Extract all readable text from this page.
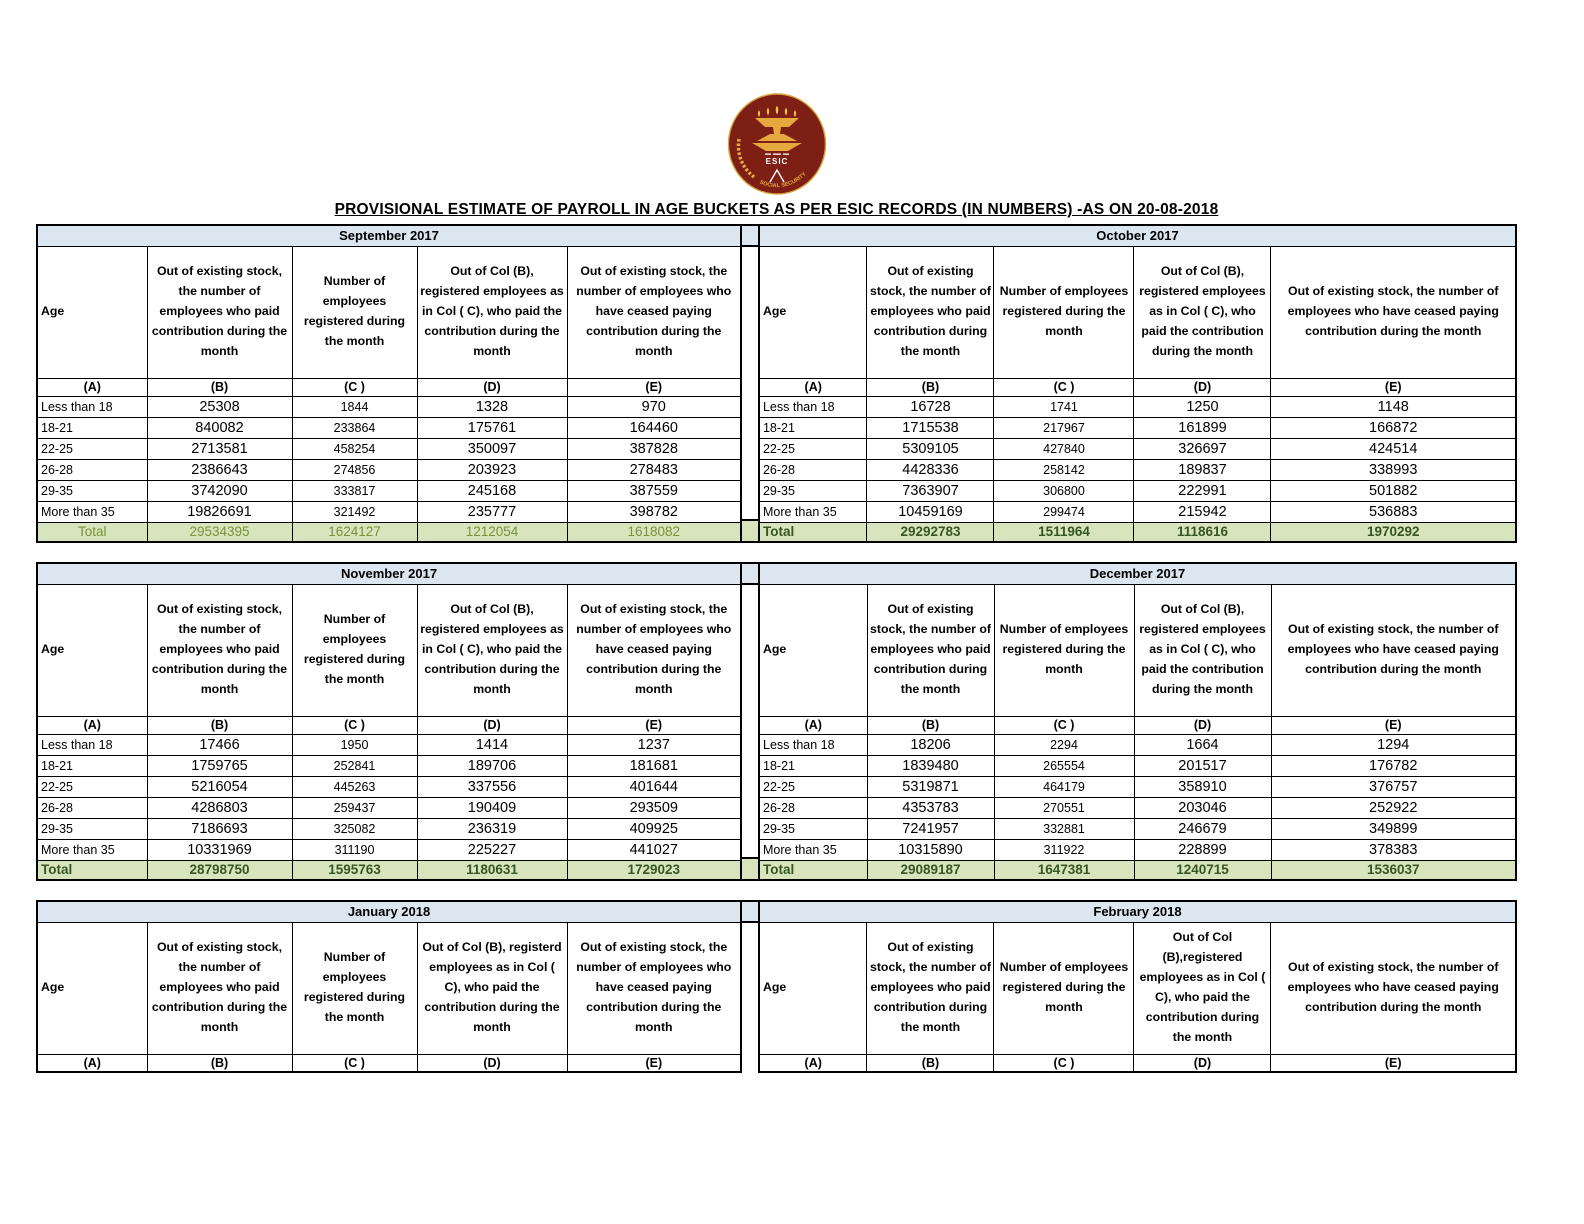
ESIC
SOCIAL SECURITY
PROVISIONAL ESTIMATE OF PAYROLL IN AGE BUCKETS AS PER ESIC RECORDS (IN NUMBERS) -AS ON 20-08-2018
September 2017				
Age	Out of existing stock, the number of employees who paid contribution during the month	Number of employees registered during the month	Out of Col (B), registered employees as in Col ( C), who paid the contribution during the month	Out of existing stock, the number of employees who have ceased paying contribution during the month
(A)	(B)	(C )	(D)	(E)
Less than 18	25308	1844	1328	970
18-21	840082	233864	175761	164460
22-25	2713581	458254	350097	387828
26-28	2386643	274856	203923	278483
29-35	3742090	333817	245168	387559
More than 35	19826691	321492	235777	398782
Total	29534395	1624127	1212054	1618082
October 2017				
Age	Out of existing stock, the number of employees who paid contribution during the month	Number of employees registered during the month	Out of Col (B), registered employees as in Col ( C), who paid the contribution during the month	Out of existing stock, the number of employees who have ceased paying contribution during the month
(A)	(B)	(C )	(D)	(E)
Less than 18	16728	1741	1250	1148
18-21	1715538	217967	161899	166872
22-25	5309105	427840	326697	424514
26-28	4428336	258142	189837	338993
29-35	7363907	306800	222991	501882
More than 35	10459169	299474	215942	536883
Total	29292783	1511964	1118616	1970292
November 2017				
Age	Out of existing stock, the number of employees who paid contribution during the month	Number of employees registered during the month	Out of Col (B), registered employees as in Col ( C), who paid the contribution during the month	Out of existing stock, the number of employees who have ceased paying contribution during the month
(A)	(B)	(C )	(D)	(E)
Less than 18	17466	1950	1414	1237
18-21	1759765	252841	189706	181681
22-25	5216054	445263	337556	401644
26-28	4286803	259437	190409	293509
29-35	7186693	325082	236319	409925
More than 35	10331969	311190	225227	441027
Total	28798750	1595763	1180631	1729023
December 2017				
Age	Out of existing stock, the number of employees who paid contribution during the month	Number of employees registered during the month	Out of Col (B), registered employees as in Col ( C), who paid the contribution during the month	Out of existing stock, the number of employees who have ceased paying contribution during the month
(A)	(B)	(C )	(D)	(E)
Less than 18	18206	2294	1664	1294
18-21	1839480	265554	201517	176782
22-25	5319871	464179	358910	376757
26-28	4353783	270551	203046	252922
29-35	7241957	332881	246679	349899
More than 35	10315890	311922	228899	378383
Total	29089187	1647381	1240715	1536037
January 2018				
Age	Out of existing stock, the number of employees who paid contribution during the month	Number of employees registered during the month	Out of Col (B), registerd employees as in Col ( C), who paid the contribution during the month	Out of existing stock, the number of employees who have ceased paying contribution during the month
(A)	(B)	(C )	(D)	(E)
February 2018				
Age	Out of existing stock, the number of employees who paid contribution during the month	Number of employees registered during the month	Out of Col (B),registered employees as in Col ( C), who paid the contribution during the month	Out of existing stock, the number of employees who have ceased paying contribution during the month
(A)	(B)	(C )	(D)	(E)
